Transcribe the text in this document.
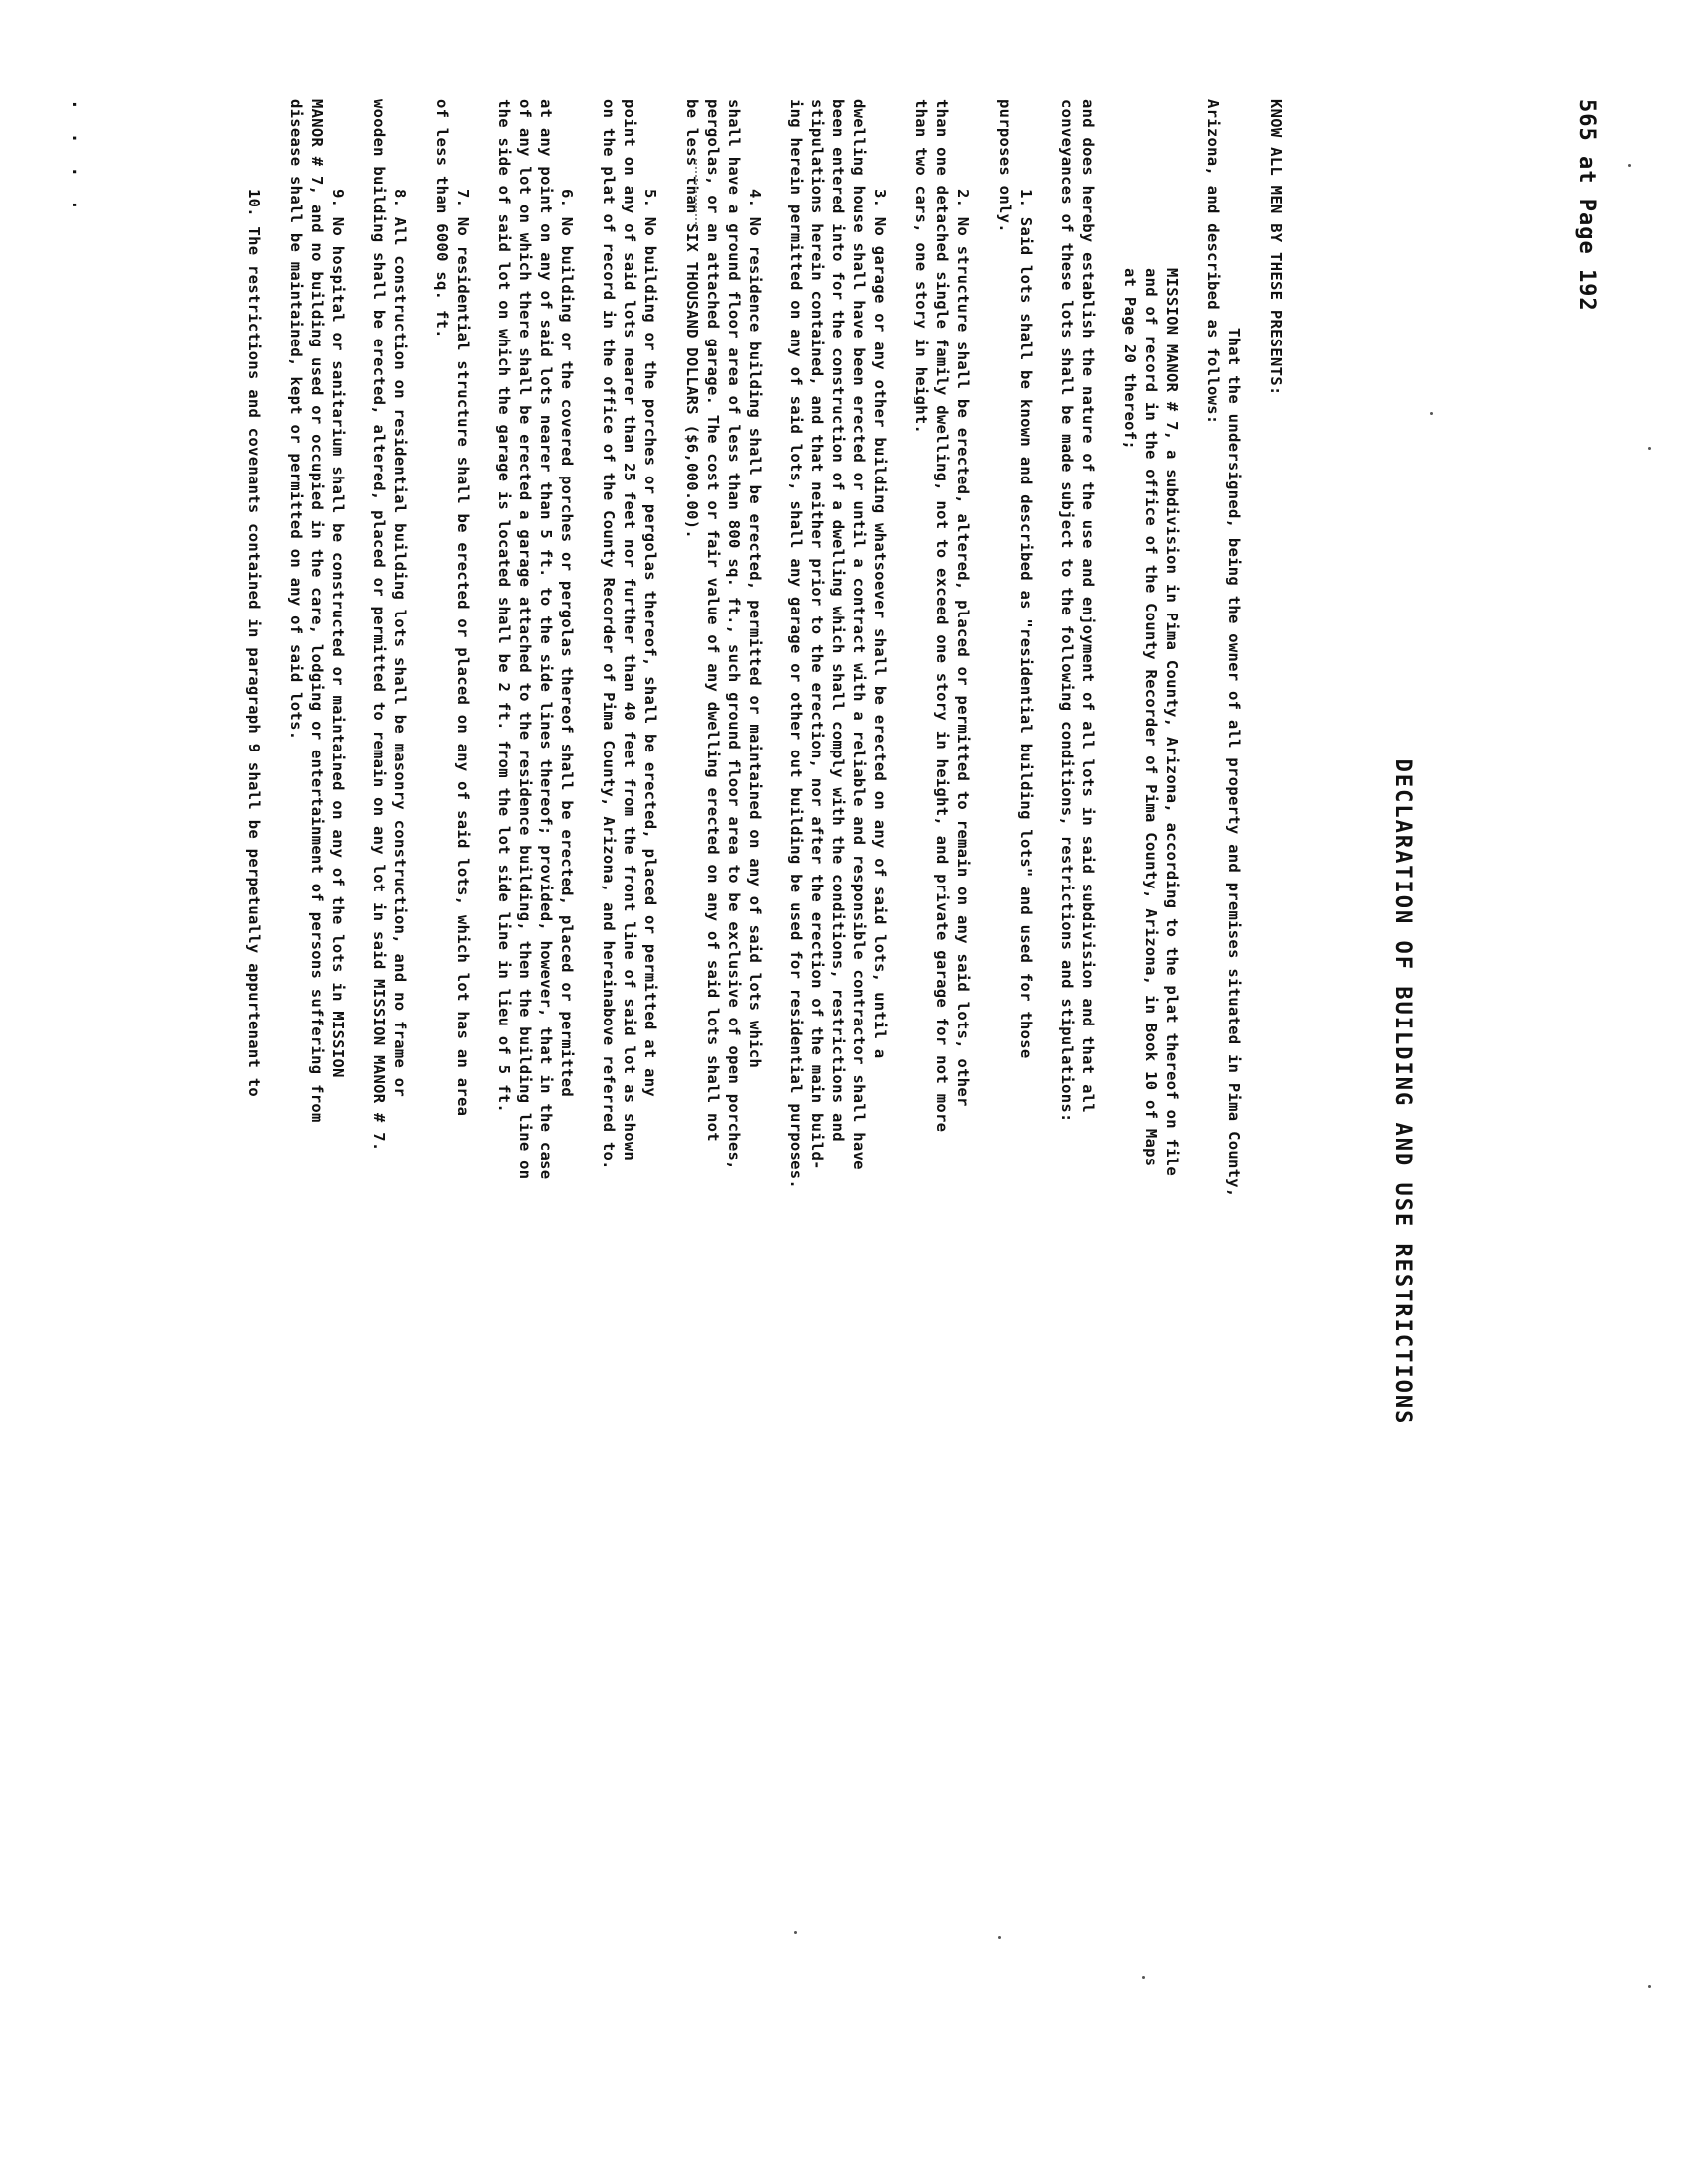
565 at Page 192
DECLARATION OF BUILDING AND USE RESTRICTIONS
KNOW ALL MEN BY THESE PRESENTS:
That the undersigned, being the owner of all property and premises situated in Pima County,
Arizona, and described as follows:
MISSION MANOR # 7, a subdivision in Pima County, Arizona, according to the plat thereof on file
and of record in the office of the County Recorder of Pima County, Arizona, in Book 10 of Maps
at Page 20 thereof;
and does hereby establish the nature of the use and enjoyment of all lots in said subdivision and that all
conveyances of these lots shall be made subject to the following conditions, restrictions and stipulations:
1. Said lots shall be known and described as "residential building lots" and used for those
purposes only.
2. No structure shall be erected, altered, placed or permitted to remain on any said lots, other
than one detached single family dwelling, not to exceed one story in height, and private garage for not more
than two cars, one story in height.
3. No garage or any other building whatsoever shall be erected on any of said lots, until a
dwelling house shall have been erected or until a contract with a reliable and responsible contractor shall have
been entered into for the construction of a dwelling which shall comply with the conditions, restrictions and
stipulations herein contained, and that neither prior to the erection, nor after the erection of the main build-
ing herein permitted on any of said lots, shall any garage or other out building be used for residential purposes.
4. No residence building shall be erected, permitted or maintained on any of said lots which
shall have a ground floor area of less than 800 sq. ft., such ground floor area to be exclusive of open porches,
pergolas, or an attached garage. The cost or fair value of any dwelling erected on any of said lots shall not
be less than SIX THOUSAND DOLLARS ($6,000.00).
5. No building or the porches or pergolas thereof, shall be erected, placed or permitted at any
point on any of said lots nearer than 25 feet nor further than 40 feet from the front line of said lot as shown
on the plat of record in the office of the County Recorder of Pima County, Arizona, and hereinabove referred to.
6. No building or the covered porches or pergolas thereof shall be erected, placed or permitted
at any point on any of said lots nearer than 5 ft. to the side lines thereof; provided, however, that in the case
of any lot on which there shall be erected a garage attached to the residence building, then the building line on
the side of said lot on which the garage is located shall be 2 ft. from the lot side line in lieu of 5 ft.
7. No residential structure shall be erected or placed on any of said lots, which lot has an area
of less than 6000 sq. ft.
8. All construction on residential building lots shall be masonry construction, and no frame or
wooden building shall be erected, altered, placed or permitted to remain on any lot in said MISSION MANOR # 7.
9. No hospital or sanitarium shall be constructed or maintained on any of the lots in MISSION
MANOR # 7, and no building used or occupied in the care, lodging or entertainment of persons suffering from
disease shall be maintained, kept or permitted on any of said lots.
10. The restrictions and covenants contained in paragraph 9 shall be perpetually appurtenant to
. . . .
